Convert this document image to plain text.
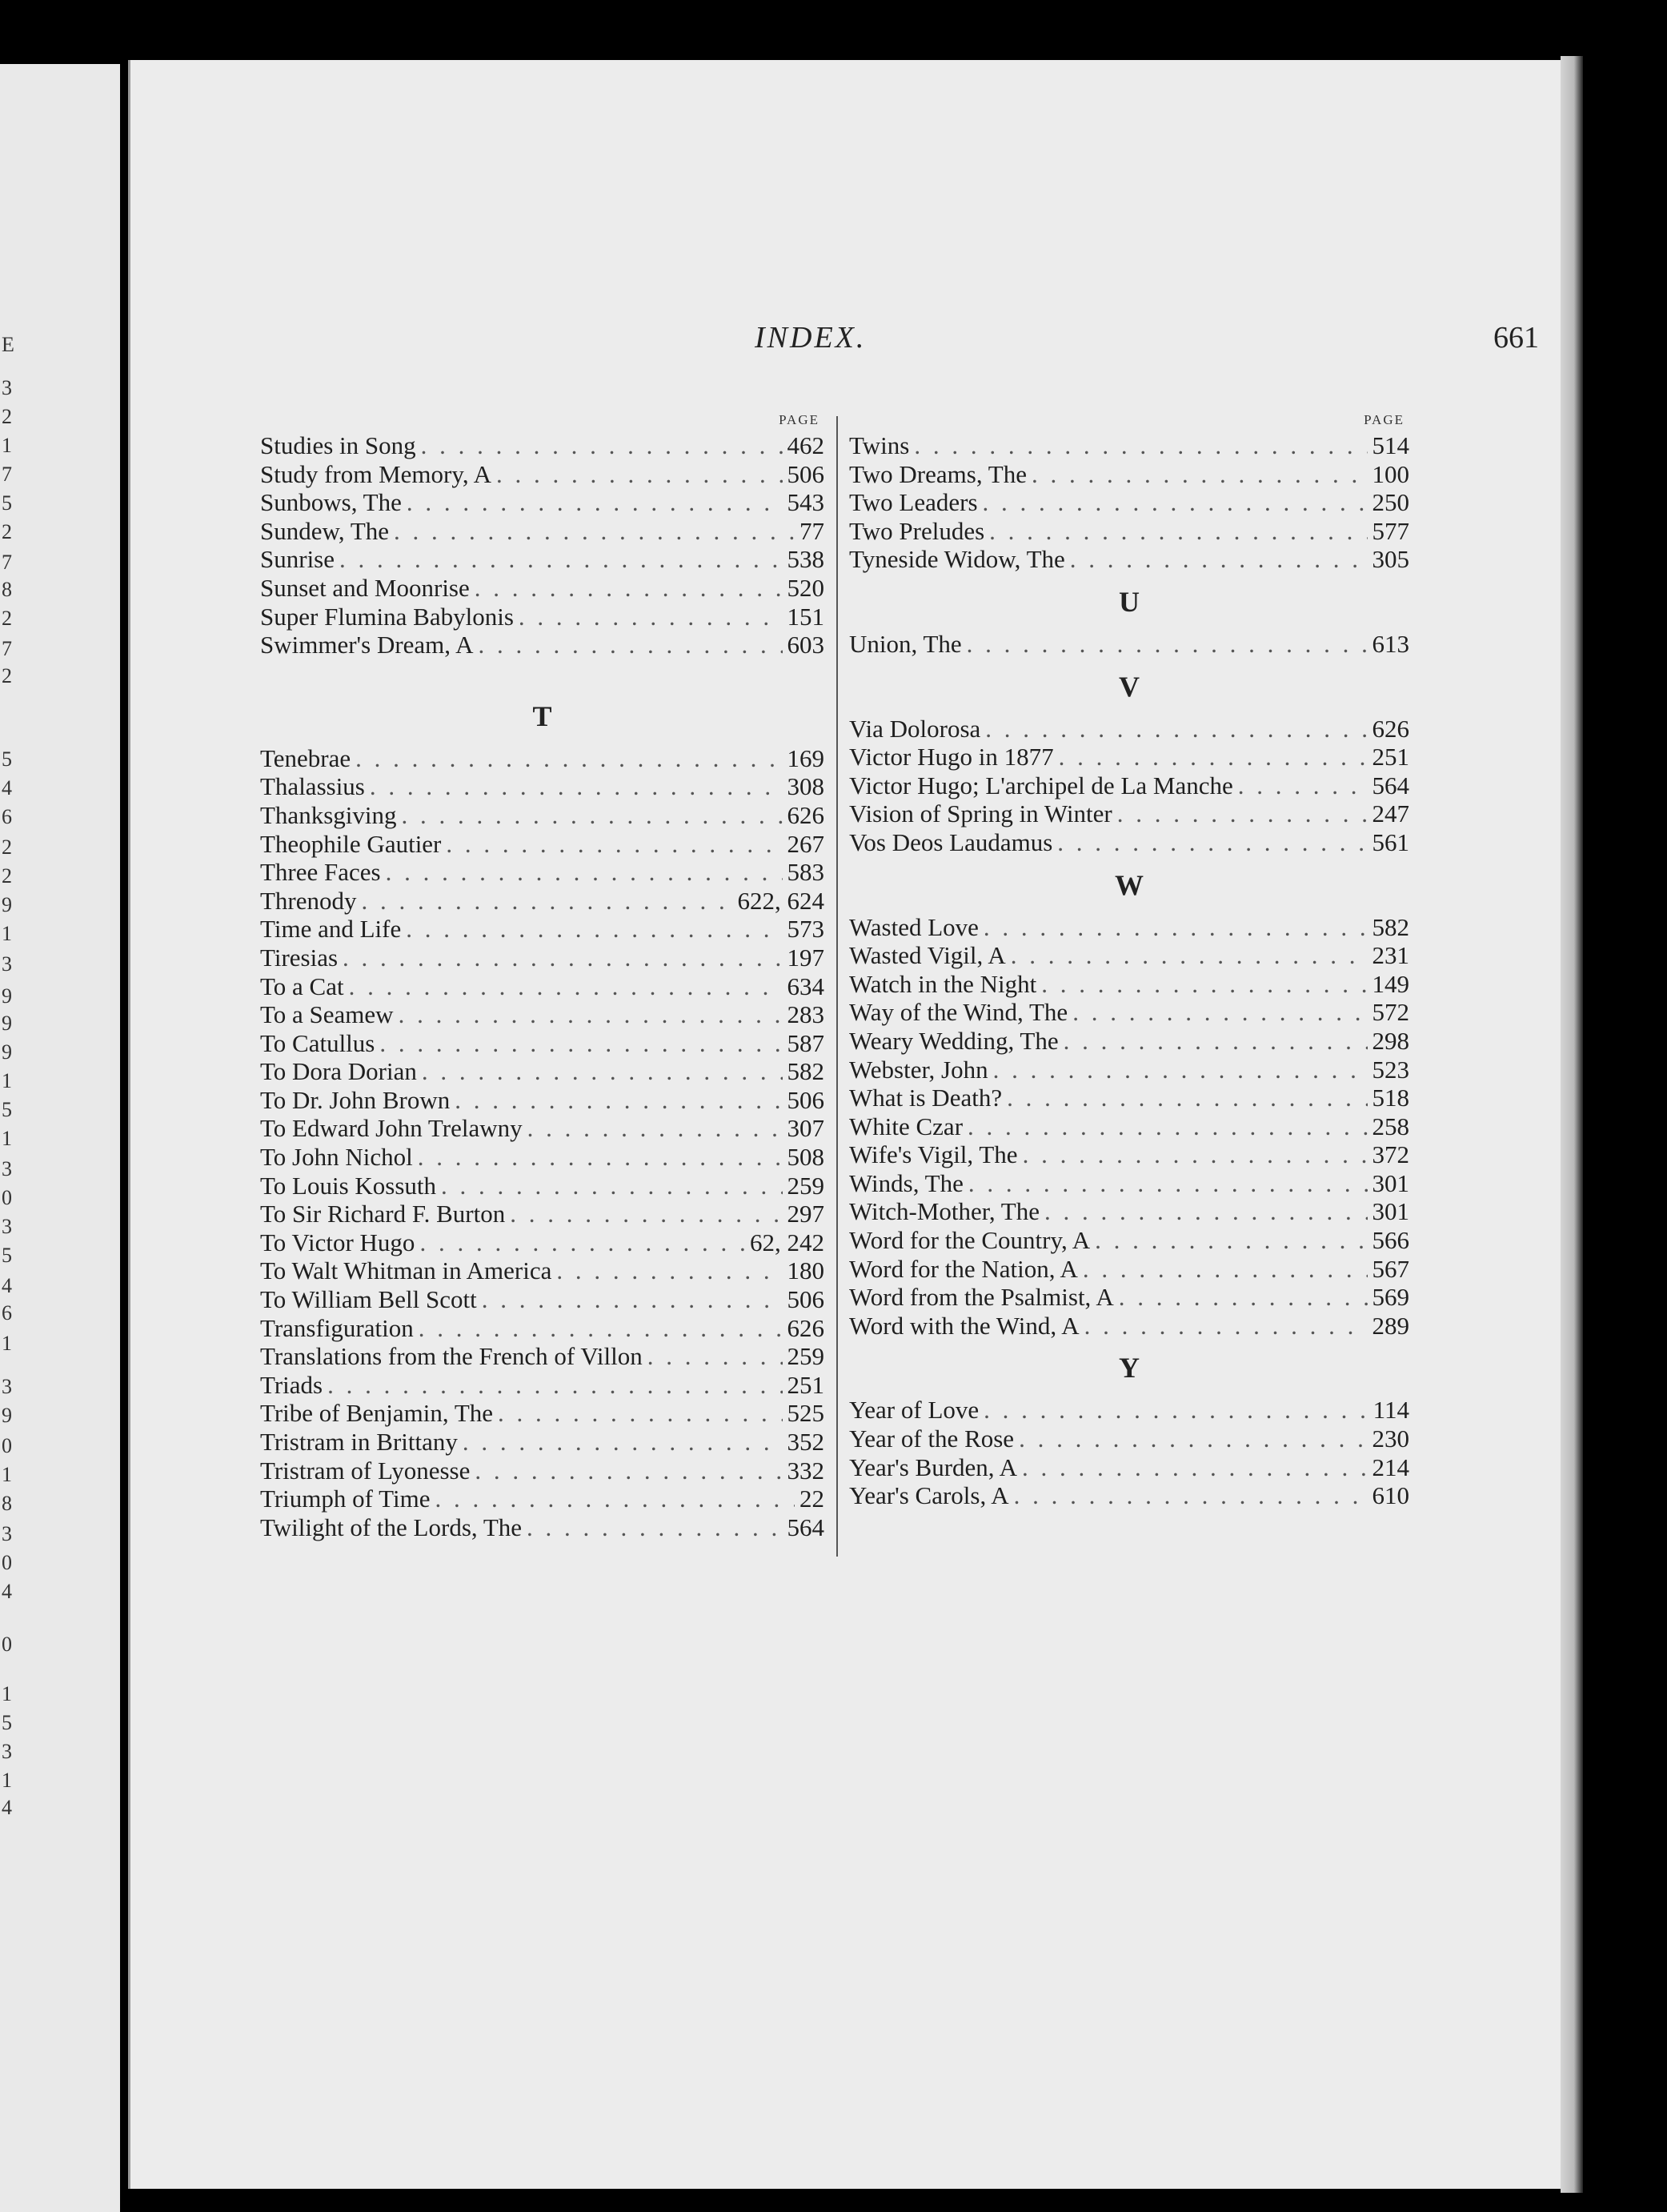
E
3
2
1
7
5
2
7
8
2
7
2
5
4
6
2
2
9
1
3
9
9
9
1
5
1
3
0
3
5
4
6
1
3
9
0
1
8
3
0
4
0
1
5
3
1
4
INDEX.	661
PAGE
Studies in Song . . .	462
Study from Memory, A . . .	506
Sunbows, The . . .	543
Sundew, The . . .	77
Sunrise . . .	538
Sunset and Moonrise . . .	520
Super Flumina Babylonis . . .	151
Swimmer's Dream, A . . .	603
T
Tenebrae . . .	169
Thalassius . . .	308
Thanksgiving . . .	626
Theophile Gautier . . .	267
Three Faces . . .	583
Threnody . . .	622, 624
Time and Life . . .	573
Tiresias . . .	197
To a Cat . . .	634
To a Seamew . . .	283
To Catullus . . .	587
To Dora Dorian . . .	582
To Dr. John Brown . . .	506
To Edward John Trelawny . . .	307
To John Nichol . . .	508
To Louis Kossuth . . .	259
To Sir Richard F. Burton . . .	297
To Victor Hugo . . .	62, 242
To Walt Whitman in America . . .	180
To William Bell Scott . . .	506
Transfiguration . . .	626
Translations from the French of Villon . . .	259
Triads . . .	251
Tribe of Benjamin, The . . .	525
Tristram in Brittany . . .	352
Tristram of Lyonesse . . .	332
Triumph of Time . . .	22
Twilight of the Lords, The . . .	564
PAGE
Twins . . .	514
Two Dreams, The . . .	100
Two Leaders . . .	250
Two Preludes . . .	577
Tyneside Widow, The . . .	305
U
Union, The . . .	613
V
Via Dolorosa . . .	626
Victor Hugo in 1877 . . .	251
Victor Hugo; L'archipel de La Manche . . .	564
Vision of Spring in Winter . . .	247
Vos Deos Laudamus . . .	561
W
Wasted Love . . .	582
Wasted Vigil, A . . .	231
Watch in the Night . . .	149
Way of the Wind, The . . .	572
Weary Wedding, The . . .	298
Webster, John . . .	523
What is Death? . . .	518
White Czar . . .	258
Wife's Vigil, The . . .	372
Winds, The . . .	301
Witch-Mother, The . . .	301
Word for the Country, A . . .	566
Word for the Nation, A . . .	567
Word from the Psalmist, A . . .	569
Word with the Wind, A . . .	289
Y
Year of Love . . .	114
Year of the Rose . . .	230
Year's Burden, A . . .	214
Year's Carols, A . . .	610
